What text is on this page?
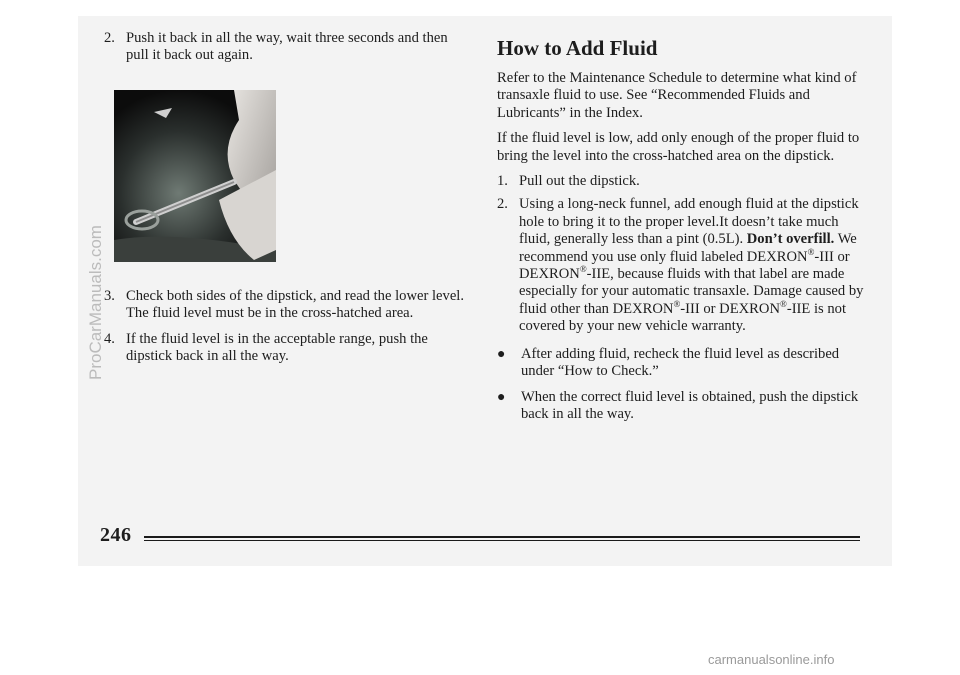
2. Push it back in all the way, wait three seconds and then pull it back out again.
3. Check both sides of the dipstick, and read the lower level. The fluid level must be in the cross-hatched area.
4. If the fluid level is in the acceptable range, push the dipstick back in all the way.
How to Add Fluid

Refer to the Maintenance Schedule to determine what kind of transaxle fluid to use. See “Recommended Fluids and Lubricants” in the Index.

If the fluid level is low, add only enough of the proper fluid to bring the level into the cross-hatched area on the dipstick.

1. Pull out the dipstick.
2. Using a long-neck funnel, add enough fluid at the dipstick hole to bring it to the proper level.It doesn’t take much fluid, generally less than a pint (0.5L). Don’t overfill. We recommend you use only fluid labeled DEXRON®-III or DEXRON®-IIE, because fluids with that label are made especially for your automatic transaxle. Damage caused by fluid other than DEXRON®-III or DEXRON®-IIE is not covered by your new vehicle warranty.
● After adding fluid, recheck the fluid level as described under “How to Check.”
● When the correct fluid level is obtained, push the dipstick back in all the way.
246
ProCarManuals.com
carmanualsonline.info
